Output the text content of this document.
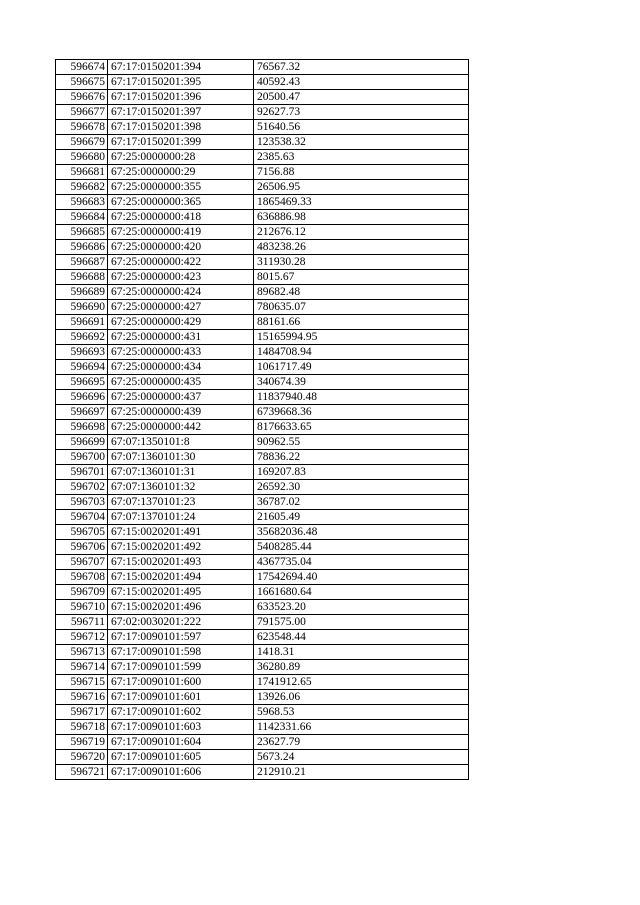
596674	67:17:0150201:394	76567.32
596675	67:17:0150201:395	40592.43
596676	67:17:0150201:396	20500.47
596677	67:17:0150201:397	92627.73
596678	67:17:0150201:398	51640.56
596679	67:17:0150201:399	123538.32
596680	67:25:0000000:28	2385.63
596681	67:25:0000000:29	7156.88
596682	67:25:0000000:355	26506.95
596683	67:25:0000000:365	1865469.33
596684	67:25:0000000:418	636886.98
596685	67:25:0000000:419	212676.12
596686	67:25:0000000:420	483238.26
596687	67:25:0000000:422	311930.28
596688	67:25:0000000:423	8015.67
596689	67:25:0000000:424	89682.48
596690	67:25:0000000:427	780635.07
596691	67:25:0000000:429	88161.66
596692	67:25:0000000:431	15165994.95
596693	67:25:0000000:433	1484708.94
596694	67:25:0000000:434	1061717.49
596695	67:25:0000000:435	340674.39
596696	67:25:0000000:437	11837940.48
596697	67:25:0000000:439	6739668.36
596698	67:25:0000000:442	8176633.65
596699	67:07:1350101:8	90962.55
596700	67:07:1360101:30	78836.22
596701	67:07:1360101:31	169207.83
596702	67:07:1360101:32	26592.30
596703	67:07:1370101:23	36787.02
596704	67:07:1370101:24	21605.49
596705	67:15:0020201:491	35682036.48
596706	67:15:0020201:492	5408285.44
596707	67:15:0020201:493	4367735.04
596708	67:15:0020201:494	17542694.40
596709	67:15:0020201:495	1661680.64
596710	67:15:0020201:496	633523.20
596711	67:02:0030201:222	791575.00
596712	67:17:0090101:597	623548.44
596713	67:17:0090101:598	1418.31
596714	67:17:0090101:599	36280.89
596715	67:17:0090101:600	1741912.65
596716	67:17:0090101:601	13926.06
596717	67:17:0090101:602	5968.53
596718	67:17:0090101:603	1142331.66
596719	67:17:0090101:604	23627.79
596720	67:17:0090101:605	5673.24
596721	67:17:0090101:606	212910.21
